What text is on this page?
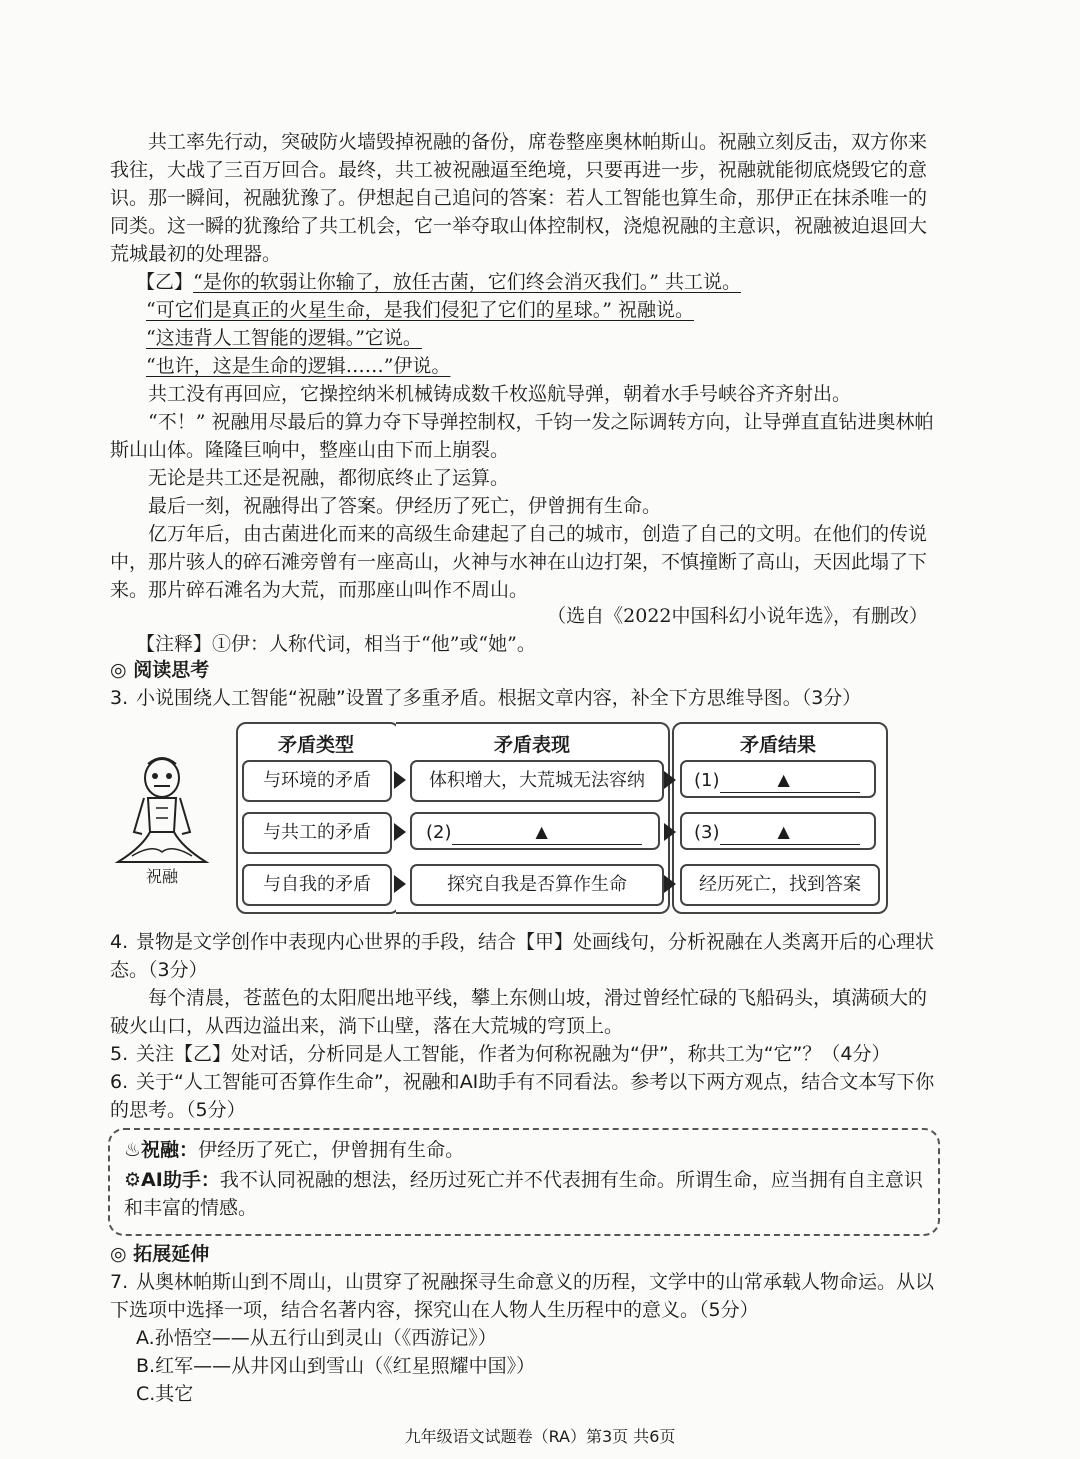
共工率先行动，突破防火墙毁掉祝融的备份，席卷整座奥林帕斯山。祝融立刻反击，双方你来我往，大战了三百万回合。最终，共工被祝融逼至绝境，只要再进一步，祝融就能彻底烧毁它的意识。 那一瞬间，祝融犹豫了。伊想起自己追问的答案：若人工智能也算生命，那伊正在抹杀唯一的同类。这一瞬的犹豫给了共工机会，它一举夺取山体控制权，浇熄祝融的主意识，祝融被迫退回大荒城最初的处理器。

【乙】“是你的软弱让你输了，放任古菌，它们终会消灭我们。” 共工说。

“可它们是真正的火星生命，是我们侵犯了它们的星球。” 祝融说。

“这违背人工智能的逻辑。”它说。

“也许，这是生命的逻辑……”伊说。

共工没有再回应，它操控纳米机械铸成数千枚巡航导弹，朝着水手号峡谷齐齐射出。

“不！” 祝融用尽最后的算力夺下导弹控制权，千钧一发之际调转方向，让导弹直直钻进奥林帕斯山山体。隆隆巨响中，整座山由下而上崩裂。

无论是共工还是祝融，都彻底终止了运算。

最后一刻，祝融得出了答案。伊经历了死亡，伊曾拥有生命。

亿万年后，由古菌进化而来的高级生命建起了自己的城市，创造了自己的文明。在他们的传说中，那片骇人的碎石滩旁曾有一座高山，火神与水神在山边打架，不慎撞断了高山，天因此塌了下来。那片碎石滩名为大荒，而那座山叫作不周山。

（选自《2022中国科幻小说年选》，有删改）
【注释】①伊：人称代词，相当于“他”或“她”。
◎ 阅读思考
3. 小说围绕人工智能“祝融”设置了多重矛盾。根据文章内容，补全下方思维导图。（3分）
祝融
矛盾类型	矛盾表现	矛盾结果
与环境的矛盾	体积增大，大荒城无法容纳	(1)	▲
与共工的矛盾	(2)	▲	(3)	▲
与自我的矛盾	探究自我是否算作生命	经历死亡，找到答案
4. 景物是文学创作中表现内心世界的手段，结合【甲】处画线句，分析祝融在人类离开后的心理状态。（3分）

每个清晨，苍蓝色的太阳爬出地平线，攀上东侧山坡，滑过曾经忙碌的飞船码头，填满硕大的破火山口，从西边溢出来，淌下山壁，落在大荒城的穹顶上。

5. 关注【乙】处对话，分析同是人工智能，作者为何称祝融为“伊”，称共工为“它”？（4分）
6. 关于“人工智能可否算作生命”，祝融和AI助手有不同看法。参考以下两方观点，结合文本写下你的思考。（5分）
♨祝融：伊经历了死亡，伊曾拥有生命。
⚙AI助手：我不认同祝融的想法，经历过死亡并不代表拥有生命。所谓生命，应当拥有自主意识和丰富的情感。
◎ 拓展延伸
7. 从奥林帕斯山到不周山，山贯穿了祝融探寻生命意义的历程，文学中的山常承载人物命运。从以下选项中选择一项，结合名著内容，探究山在人物人生历程中的意义。（5分）
A.孙悟空——从五行山到灵山（《西游记》）
B.红军——从井冈山到雪山（《红星照耀中国》）
C.其它
九年级语文试题卷（RA）第3页 共6页
